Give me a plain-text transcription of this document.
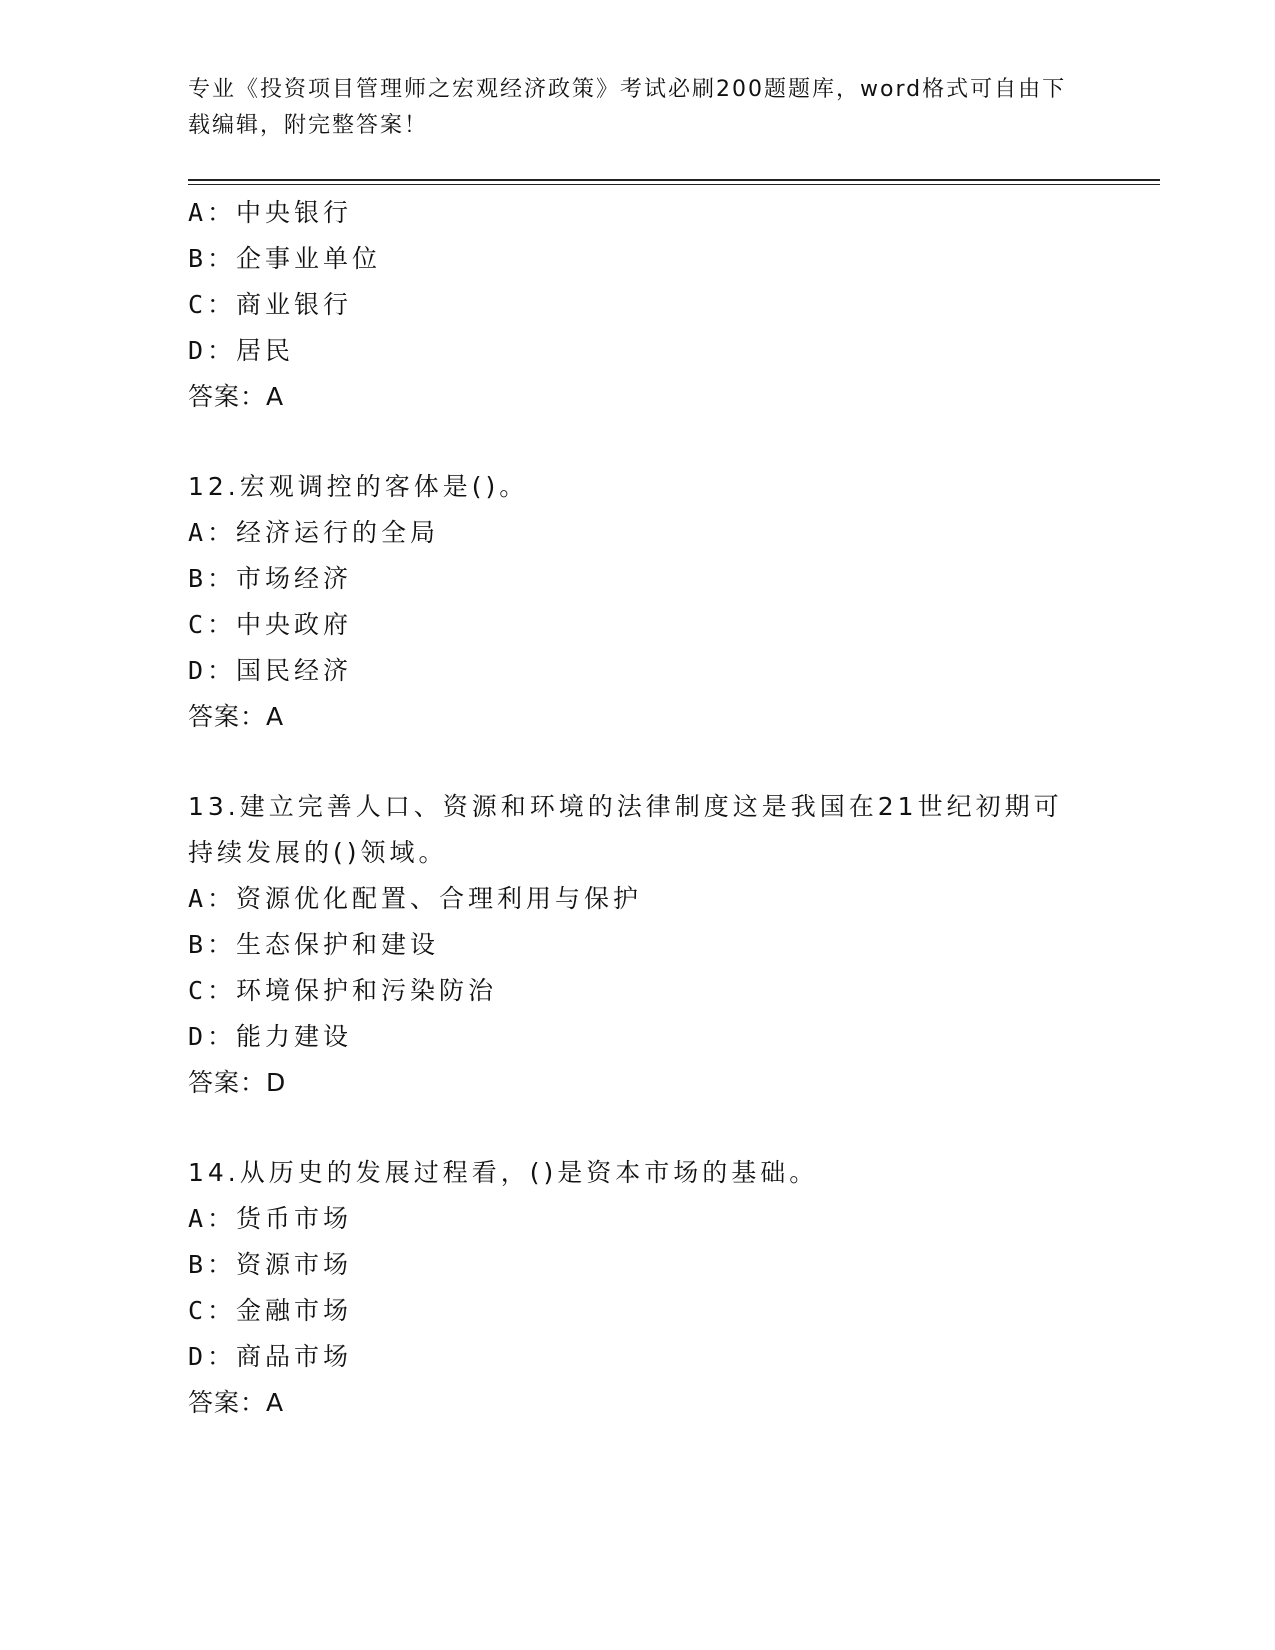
专业《投资项目管理师之宏观经济政策》考试必刷200题题库，word格式可自由下载编辑，附完整答案！
A：中央银行
B：企事业单位
C：商业银行
D：居民
答案：A
12.宏观调控的客体是()。
A：经济运行的全局
B：市场经济
C：中央政府
D：国民经济
答案：A
13.建立完善人口、资源和环境的法律制度这是我国在21世纪初期可持续发展的()领域。
A：资源优化配置、合理利用与保护
B：生态保护和建设
C：环境保护和污染防治
D：能力建设
答案：D
14.从历史的发展过程看，()是资本市场的基础。
A：货币市场
B：资源市场
C：金融市场
D：商品市场
答案：A
